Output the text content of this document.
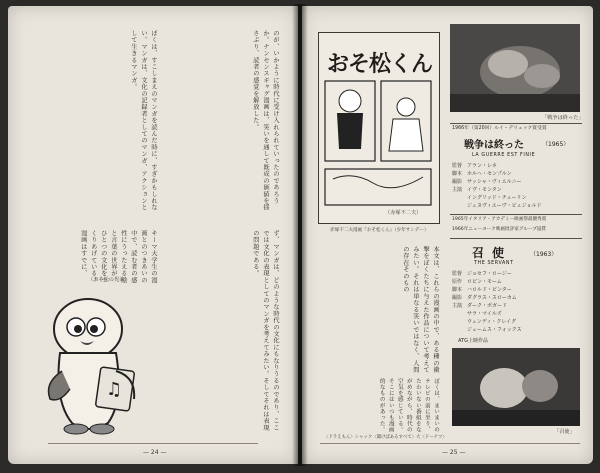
のが、いかように時代に受け入れられていったのであろうか。ナンセンスギャグ漫画は、笑いを通して既成の価値を揺さぶり、読者の感覚を解放した。
ぼくは、すこしまえのマンガを読んだ時に、すぎかもしれない。マンガは、文化の記録者としてのマンガ、アクションとして生きるマンガ。
ず、マンガは、どのような時代の文化にもなりうるのであり、ここでは文化の表現としてのマンガを考えてみたい。そしてそれは表現の問題である。
キーマ大学生の漫画とのつきあいの中で、読む者の感性にうったえる絵と言葉の世界が、ひとつの文化をつくりあげている。漫画はすでに、
（おそ松の兄弟）
♫
— 24 —
おそ松くん
（赤塚不二夫）
赤塚不二夫漫画『おそ松くん』（少年サンデー）
本文は、これらの漫画の中で、ある種の衝撃をぼくたちに与えた作品について考えてみたい。それは単なる笑いではなく、人間の存在そのもの
ぼくは、まいまいのテレビの前に坐り、たわいない番組をながめながら、時代の空気を感じている。そこにはいつも漫画的なものがあった。
〈ドラえもん〉シャック〈聞けばあるすべて〉大〈ドーナツ〉
「戦争は終った」
1966年（第20回）ルイ・デリュック賞受賞
戦争は終った	（1965）
LA GUERRE EST FINIE
監督　アラン・レネ
脚本　ホルヘ・センプルン
撮影　サッシャ・ヴィエルニー
主演　イヴ・モンタン
　　　イングリッド・チューリン
　　　ジュヌヴィエーヴ・ビュジョルド
1965年イタリア・アカデミー映画祭最優秀賞
1966年ニューヨーク映画批評家グループ協賛
召使	（1963）
THE SERVANT
監督　ジョセフ・ロージー
原作　ロビン・モーム
脚本　ハロルド・ピンター
撮影　ダグラス・スローカム
主演　ダーク・ボガード
　　　サラ・マイルズ
　　　ウェンディ・クレイグ
　　　ジェームス・フォックス
ATG上映作品
「召使」
— 25 —
